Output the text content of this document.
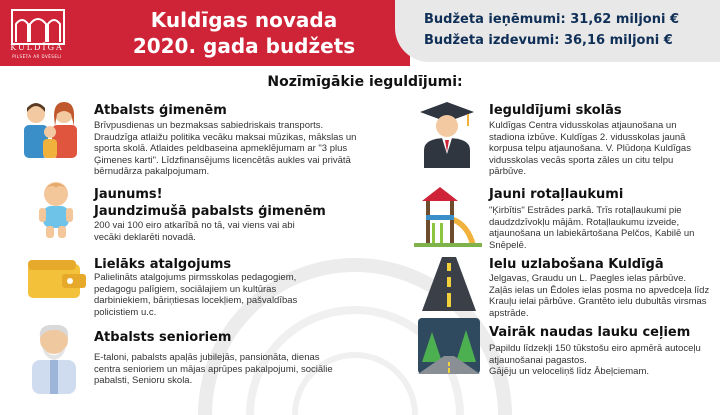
KULDĪGA
PILSĒTA AR DVĒSELI
Kuldīgas novada
2020. gada budžets
Budžeta ieņēmumi: 31,62 miljoni €
Budžeta izdevumi: 36,16 miljoni €
Nozīmīgākie ieguldījumi:
Atbalsts ģimenēm
Brīvpusdienas un bezmaksas sabiedriskais transports. Draudzīga atlaižu politika vecāku maksai mūzikas, mākslas un sporta skolā. Atlaides peldbaseina apmeklējumam ar "3 plus Ģimenes karti". Līdzfinansējums licencētās aukles vai privātā bērnudārza pakalpojumam.
Jaunums!
Jaundzimušā pabalsts ģimenēm
200 vai 100 eiro atkarībā no tā, vai viens vai abi vecāki deklarēti novadā.
Lielāks atalgojums
Palielināts atalgojums pirmsskolas pedagogiem, pedagogu palīgiem, sociālajiem un kultūras darbiniekiem, bāriņtiesas locekļiem, pašvaldības policistiem u.c.
Atbalsts senioriem
E-taloni, pabalsts apaļās jubilejās, pansionāta, dienas centra senioriem un mājas aprūpes pakalpojumi, sociālie pabalsti, Senioru skola.
Ieguldījumi skolās
Kuldīgas Centra vidusskolas atjaunošana un stadiona izbūve. Kuldīgas 2. vidusskolas jaunā korpusa telpu atjaunošana. V. Plūdoņa Kuldīgas vidusskolas vecās sporta zāles un citu telpu pārbūve.
Jauni rotaļlaukumi
"Ķirbītis" Estrādes parkā. Trīs rotaļlaukumi pie daudzdzīvokļu mājām. Rotaļlaukumu izveide, atjaunošana un labiekārtošana Pelčos, Kabilē un Snēpelē.
Ielu uzlabošana Kuldīgā
Jelgavas, Graudu un L. Paegles ielas pārbūve. Zaļās ielas un Ēdoles ielas posma no apvedceļa līdz Krauļu ielai pārbūve. Grantēto ielu dubultās virsmas apstrāde.
Vairāk naudas lauku ceļiem
Papildu līdzekļi 150 tūkstošu eiro apmērā autoceļu atjaunošanai pagastos.
Gājēju un veloceliņš līdz Ābeļciemam.
